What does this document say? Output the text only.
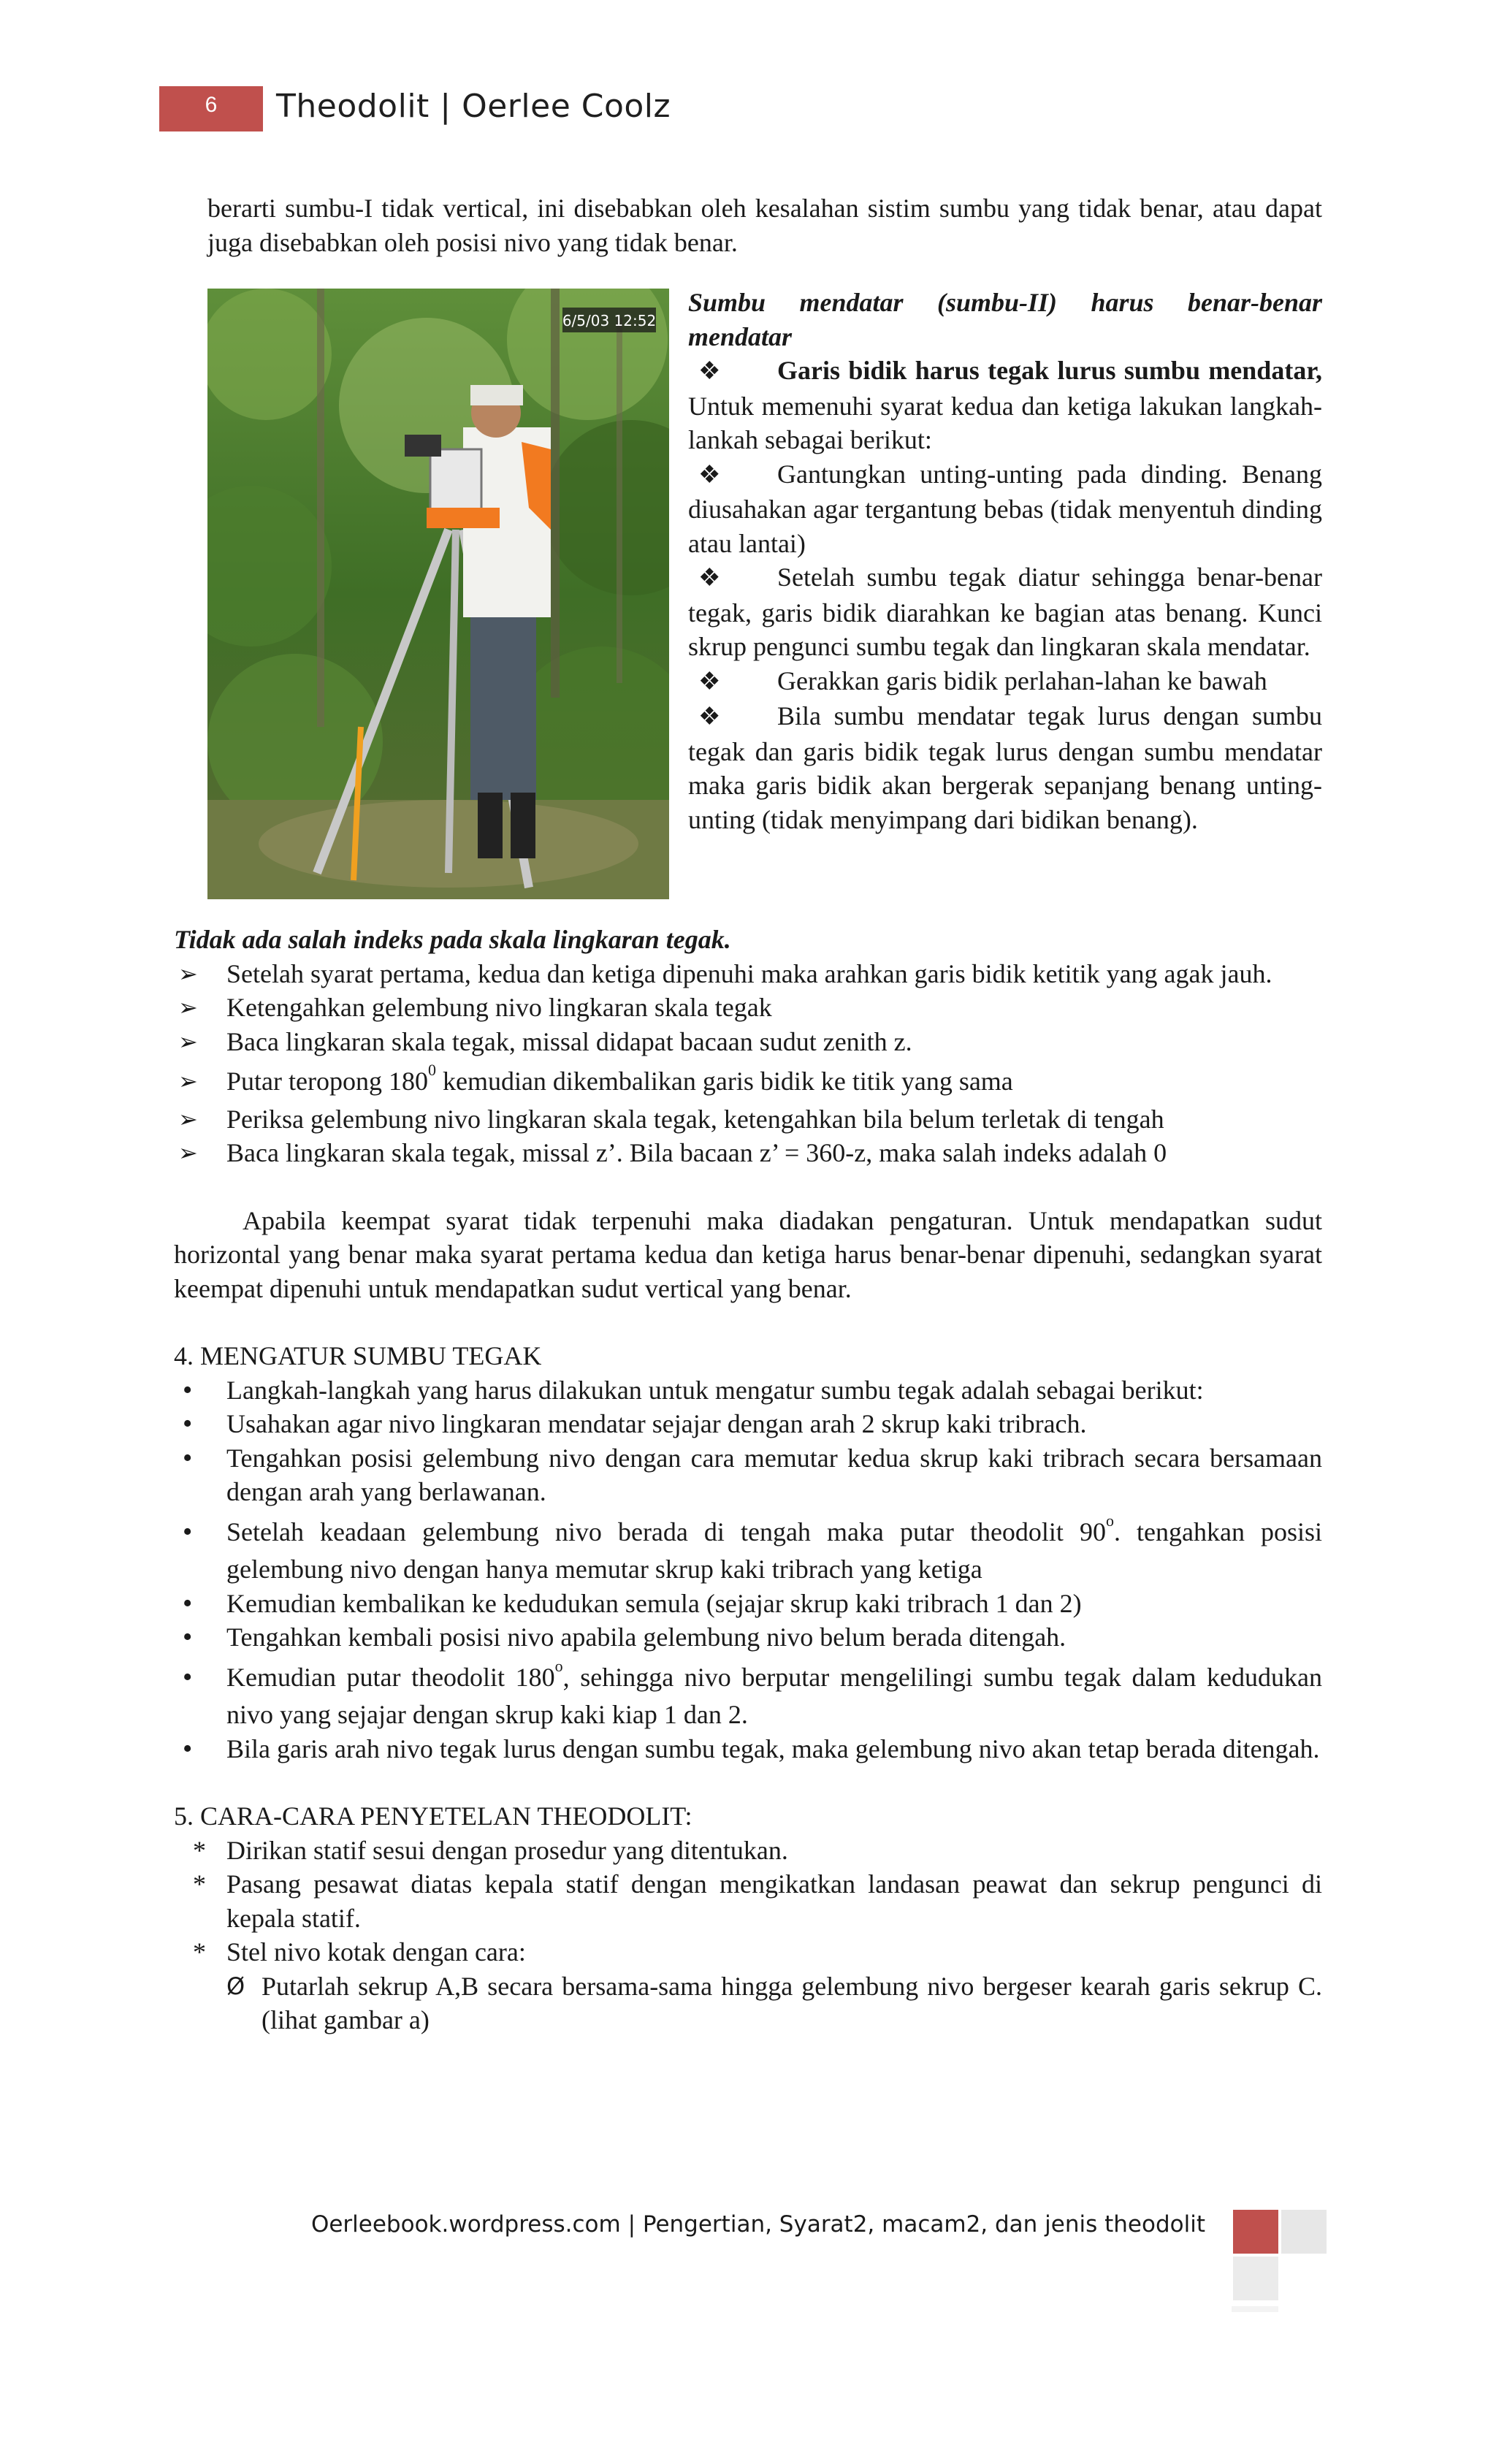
6	Theodolit | Oerlee Coolz

berarti sumbu-I tidak vertical, ini disebabkan oleh kesalahan sistim sumbu yang tidak benar, atau dapat juga disebabkan oleh posisi nivo yang tidak benar.

6/5/03 12:52

Sumbu mendatar (sumbu-II) harus benar-benar mendatar

❖ Garis bidik harus tegak lurus sumbu mendatar, Untuk memenuhi syarat kedua dan ketiga lakukan langkah-lankah sebagai berikut:

❖ Gantungkan unting-unting pada dinding. Benang diusahakan agar tergantung bebas (tidak menyentuh dinding atau lantai)

❖ Setelah sumbu tegak diatur sehingga benar-benar tegak, garis bidik diarahkan ke bagian atas benang. Kunci skrup pengunci sumbu tegak dan lingkaran skala mendatar.

❖ Gerakkan garis bidik perlahan-lahan ke bawah

❖ Bila sumbu mendatar tegak lurus dengan sumbu tegak dan garis bidik tegak lurus dengan sumbu mendatar maka garis bidik akan bergerak sepanjang benang unting-unting (tidak menyimpang dari bidikan benang).

Tidak ada salah indeks pada skala lingkaran tegak.

➢ Setelah syarat pertama, kedua dan ketiga dipenuhi maka arahkan garis bidik ketitik yang agak jauh.
➢ Ketengahkan gelembung nivo lingkaran skala tegak
➢ Baca lingkaran skala tegak, missal didapat bacaan sudut zenith z.
➢ Putar teropong $180^0$ kemudian dikembalikan garis bidik ke titik yang sama
➢ Periksa gelembung nivo lingkaran skala tegak, ketengahkan bila belum terletak di tengah
➢ Baca lingkaran skala tegak, missal z’. Bila bacaan z’ = 360-z, maka salah indeks adalah 0

Apabila keempat syarat tidak terpenuhi maka diadakan pengaturan. Untuk mendapatkan sudut horizontal yang benar maka syarat pertama kedua dan ketiga harus benar-benar dipenuhi, sedangkan syarat keempat dipenuhi untuk mendapatkan sudut vertical yang benar.

4. MENGATUR SUMBU TEGAK

• Langkah-langkah yang harus dilakukan untuk mengatur sumbu tegak adalah sebagai berikut:
• Usahakan agar nivo lingkaran mendatar sejajar dengan arah 2 skrup kaki tribrach.
• Tengahkan posisi gelembung nivo dengan cara memutar kedua skrup kaki tribrach secara bersamaan dengan arah yang berlawanan.
• Setelah keadaan gelembung nivo berada di tengah maka putar theodolit 90$^o$. tengahkan posisi gelembung nivo dengan hanya memutar skrup kaki tribrach yang ketiga
• Kemudian kembalikan ke kedudukan semula (sejajar skrup kaki tribrach 1 dan 2)
• Tengahkan kembali posisi nivo apabila gelembung nivo belum berada ditengah.
• Kemudian putar theodolit 180$^o$, sehingga nivo berputar mengelilingi sumbu tegak dalam kedudukan nivo yang sejajar dengan skrup kaki kiap 1 dan 2.
• Bila garis arah nivo tegak lurus dengan sumbu tegak, maka gelembung nivo akan tetap berada ditengah.

5. CARA-CARA PENYETELAN THEODOLIT:

* Dirikan statif sesui dengan prosedur yang ditentukan.
* Pasang pesawat diatas kepala statif dengan mengikatkan landasan peawat dan sekrup pengunci di kepala statif.
* Stel nivo kotak dengan cara:

Ø Putarlah sekrup A,B secara bersama-sama hingga gelembung nivo bergeser kearah garis sekrup C. (lihat gambar a)

Oerleebook.wordpress.com | Pengertian, Syarat2, macam2, dan jenis theodolit
